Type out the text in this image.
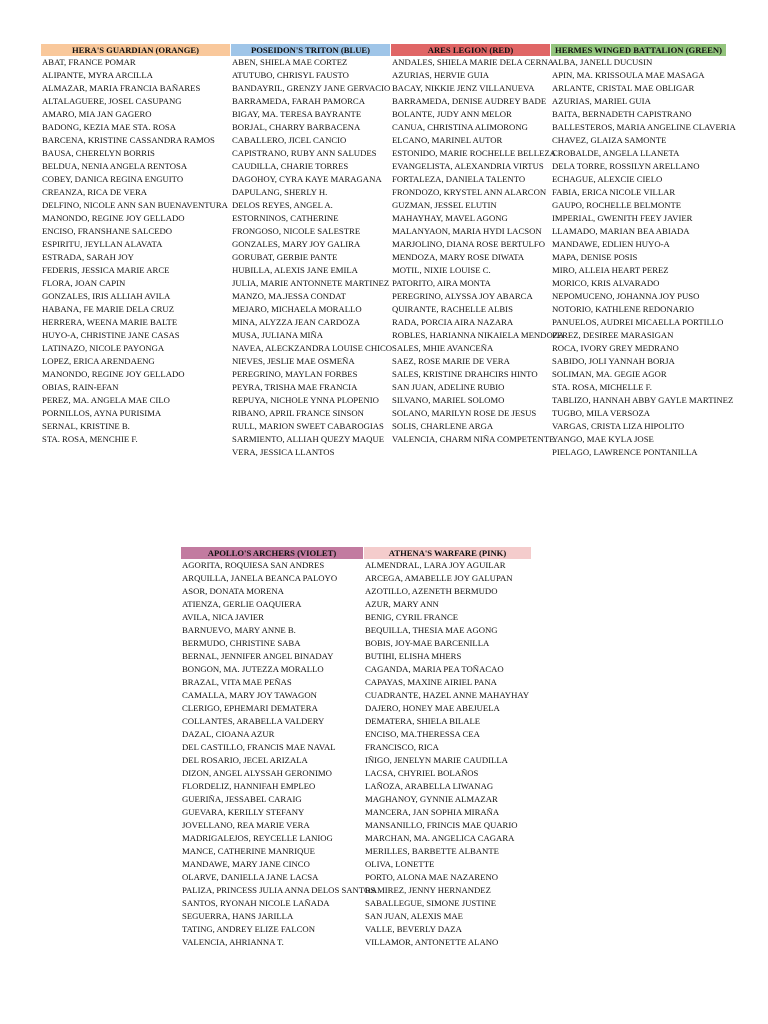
HERA'S GUARDIAN (ORANGE)
ABAT, FRANCE POMAR
ALIPANTE, MYRA ARCILLA
ALMAZAR, MARIA FRANCIA BAÑARES
ALTALAGUERE, JOSEL CASUPANG
AMARO, MIA JAN GAGERO
BADONG, KEZIA MAE STA. ROSA
BARCENA, KRISTINE CASSANDRA RAMOS
BAUSA, CHERELYN BORRIS
BELDUA, NENIA ANGELA RENTOSA
COBEY, DANICA REGINA ENGUITO
CREANZA, RICA DE VERA
DELFINO, NICOLE ANN SAN BUENAVENTURA
MANONDO, REGINE JOY GELLADO
ENCISO, FRANSHANE SALCEDO
ESPIRITU, JEYLLAN ALAVATA
ESTRADA, SARAH JOY
FEDERIS, JESSICA MARIE ARCE
FLORA, JOAN CAPIN
GONZALES, IRIS ALLIAH AVILA
HABANA, FE MARIE DELA CRUZ
HERRERA, WEENA MARIE BALTE
HUYO-A, CHRISTINE JANE CASAS
LATINAZO, NICOLE PAYONGA
LOPEZ, ERICA ARENDAENG
MANONDO, REGINE JOY GELLADO
OBIAS, RAIN-EFAN
PEREZ, MA. ANGELA MAE CILO
PORNILLOS, AYNA PURISIMA
SERNAL, KRISTINE B.
STA. ROSA, MENCHIE F.
POSEIDON'S TRITON (BLUE)
ABEN, SHIELA MAE CORTEZ
ATUTUBO, CHRISYL FAUSTO
BANDAYRIL, GRENZY JANE GERVACIO
BARRAMEDA, FARAH PAMORCA
BIGAY, MA. TERESA BAYRANTE
BORJAL, CHARRY BARBACENA
CABALLERO, JICEL CANCIO
CAPISTRANO, RUBY ANN SALUDES
CAUDILLA, CHARIE TORRES
DAGOHOY, CYRA KAYE MARAGANA
DAPULANG, SHERLY H.
DELOS REYES, ANGEL A.
ESTORNINOS, CATHERINE
FRONGOSO, NICOLE SALESTRE
GONZALES, MARY JOY GALIRA
GORUBAT, GERBIE PANTE
HUBILLA, ALEXIS JANE EMILA
JULIA, MARIE ANTONNETE MARTINEZ
MANZO, MA.JESSA CONDAT
MEJARO, MICHAELA MORALLO
MINA, ALYZZA JEAN CARDOZA
MUSA, JULIANA MIÑA
NAVEA, ALECKZANDRA LOUISE CHICO
NIEVES, JESLIE MAE OSMEÑA
PEREGRINO, MAYLAN FORBES
PEYRA, TRISHA MAE FRANCIA
REPUYA, NICHOLE YNNA PLOPENIO
RIBANO, APRIL FRANCE SINSON
RULL, MARION SWEET CABAROGIAS
SARMIENTO, ALLIAH QUEZY MAQUE
VERA, JESSICA LLANTOS
ARES LEGION (RED)
ANDALES, SHIELA MARIE DELA CERNA
AZURIAS, HERVIE GUIA
BACAY, NIKKIE JENZ VILLANUEVA
BARRAMEDA, DENISE AUDREY BADE
BOLANTE, JUDY ANN MELOR
CANUA, CHRISTINA ALIMORONG
ELCANO, MARINEL AUTOR
ESTONIDO, MARIE ROCHELLE BELLEZA
EVANGELISTA, ALEXANDRIA VIRTUS
FORTALEZA, DANIELA TALENTO
FRONDOZO, KRYSTEL ANN ALARCON
GUZMAN, JESSEL ELUTIN
MAHAYHAY, MAVEL AGONG
MALANYAON, MARIA HYDI LACSON
MARJOLINO, DIANA ROSE BERTULFO
MENDOZA, MARY ROSE DIWATA
MOTIL, NIXIE LOUISE C.
PATORITO, AIRA MONTA
PEREGRINO, ALYSSA JOY ABARCA
QUIRANTE, RACHELLE ALBIS
RADA, PORCIA AIRA NAZARA
ROBLES, HARIANNA NIKAIELA MENDOZA
SALES, MHIE AVANCEÑA
SAEZ, ROSE MARIE DE VERA
SALES, KRISTINE DRAHCIRS HINTO
SAN JUAN, ADELINE RUBIO
SILVANO, MARIEL SOLOMO
SOLANO, MARILYN ROSE DE JESUS
SOLIS, CHARLENE ARGA
VALENCIA, CHARM NIÑA COMPETENTE
HERMES WINGED BATTALION (GREEN)
ALBA, JANELL DUCUSIN
APIN, MA. KRISSOULA MAE MASAGA
ARLANTE, CRISTAL MAE OBLIGAR
AZURIAS, MARIEL GUIA
BAITA, BERNADETH CAPISTRANO
BALLESTEROS, MARIA ANGELINE CLAVERIA
CHAVEZ, GLAIZA SAMONTE
CROBALDE, ANGELA LLANETA
DELA TORRE, ROSSILYN ARELLANO
ECHAGUE, ALEXCIE CIELO
FABIA, ERICA NICOLE VILLAR
GAUPO, ROCHELLE BELMONTE
IMPERIAL, GWENITH FEEY JAVIER
LLAMADO, MARIAN BEA ABIADA
MANDAWE, EDLIEN HUYO-A
MAPA, DENISE POSIS
MIRO, ALLEIA HEART PEREZ
MORICO, KRIS ALVARADO
NEPOMUCENO, JOHANNA JOY PUSO
NOTORIO, KATHLENE REDONARIO
PANUELOS, AUDREI MICAELLA PORTILLO
PEREZ, DESIREE MARASIGAN
ROCA, IVORY GREY MEDRANO
SABIDO, JOLI YANNAH BORJA
SOLIMAN, MA. GEGIE AGOR
STA. ROSA, MICHELLE F.
TABLIZO, HANNAH ABBY GAYLE MARTINEZ
TUGBO, MILA VERSOZA
VARGAS, CRISTA LIZA HIPOLITO
YANGO, MAE KYLA JOSE
PIELAGO, LAWRENCE PONTANILLA
APOLLO'S ARCHERS (VIOLET)
AGORITA, ROQUIESA SAN ANDRES
ARQUILLA, JANELA BEANCA PALOYO
ASOR, DONATA MORENA
ATIENZA, GERLIE OAQUIERA
AVILA, NICA JAVIER
BARNUEVO, MARY ANNE B.
BERMUDO, CHRISTINE SABA
BERNAL, JENNIFER ANGEL BINADAY
BONGON, MA. JUTEZZA MORALLO
BRAZAL, VITA MAE PEÑAS
CAMALLA, MARY JOY TAWAGON
CLERIGO, EPHEMARI DEMATERA
COLLANTES, ARABELLA VALDERY
DAZAL, CIOANA AZUR
DEL CASTILLO, FRANCIS MAE NAVAL
DEL ROSARIO, JECEL ARIZALA
DIZON, ANGEL ALYSSAH GERONIMO
FLORDELIZ, HANNIFAH EMPLEO
GUERIÑA, JESSABEL CARAIG
GUEVARA, KERILLY STEFANY
JOVELLANO, REA MARIE VERA
MADRIGALEJOS, REYCELLE LANIOG
MANCE, CATHERINE MANRIQUE
MANDAWE, MARY JANE CINCO
OLARVE, DANIELLA JANE LACSA
PALIZA, PRINCESS JULIA ANNA DELOS SANTOS
SANTOS, RYONAH NICOLE LAÑADA
SEGUERRA, HANS JARILLA
TATING, ANDREY ELIZE FALCON
VALENCIA, AHRIANNA T.
ATHENA'S WARFARE (PINK)
ALMENDRAL, LARA JOY AGUILAR
ARCEGA, AMABELLE JOY GALUPAN
AZOTILLO, AZENETH BERMUDO
AZUR, MARY ANN
BENIG, CYRIL FRANCE
BEQUILLA, THESIA MAE AGONG
BOBIS, JOY-MAE BARCENILLA
BUTIHI, ELISHA MHERS
CAGANDA, MARIA PEA TOÑACAO
CAPAYAS, MAXINE AIRIEL PANA
CUADRANTE, HAZEL ANNE MAHAYHAY
DAJERO, HONEY MAE ABEJUELA
DEMATERA, SHIELA BILALE
ENCISO, MA.THERESSA CEA
FRANCISCO, RICA
IÑIGO, JENELYN MARIE CAUDILLA
LACSA, CHYRIEL BOLAÑOS
LAÑOZA, ARABELLA LIWANAG
MAGHANOY, GYNNIE ALMAZAR
MANCERA, JAN SOPHIA MIRAÑA
MANSANILLO, FRINCIS MAE QUARIO
MARCHAN, MA. ANGELICA CAGARA
MERILLES, BARBETTE ALBANTE
OLIVA, LONETTE
PORTO, ALONA MAE NAZARENO
RAMIREZ, JENNY HERNANDEZ
SABALLEGUE, SIMONE JUSTINE
SAN JUAN, ALEXIS MAE
VALLE, BEVERLY DAZA
VILLAMOR, ANTONETTE ALANO
